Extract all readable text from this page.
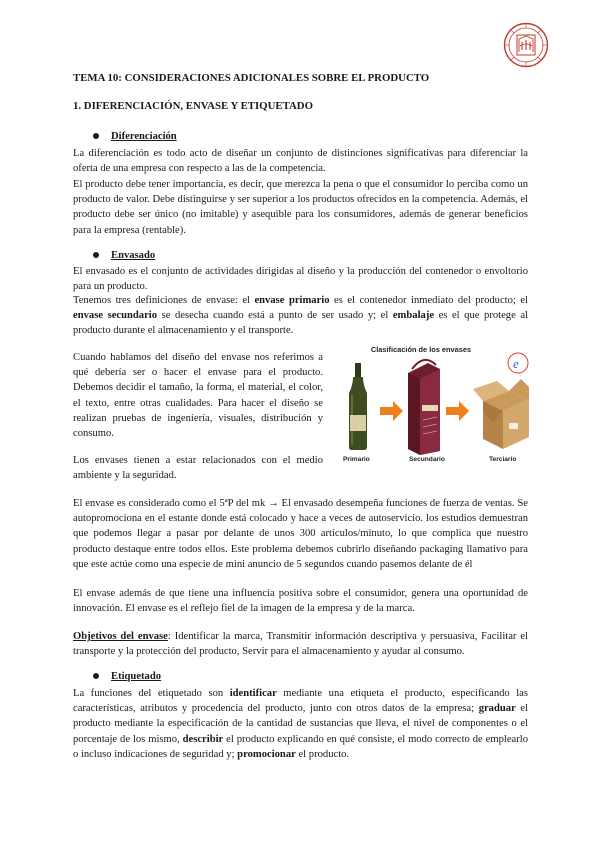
TEMA 10: CONSIDERACIONES ADICIONALES SOBRE EL PRODUCTO

1. DIFERENCIACIÓN, ENVASE Y ETIQUETADO

Diferenciación

La diferenciación es todo acto de diseñar un conjunto de distinciones significativas para diferenciar la oferta de una empresa con respecto a las de la competencia.

El producto debe tener importancia, es decir, que merezca la pena o que el consumidor lo perciba como un producto de valor. Debe distinguirse y ser superior a los productos ofrecidos en la competencia. Además, el producto debe ser único (no imitable) y asequible para los consumidores, además de generar beneficios para la empresa (rentable).

Envasado

El envasado es el conjunto de actividades dirigidas al diseño y la producción del contenedor o envoltorio para un producto.

Tenemos tres definiciones de envase: el envase primario es el contenedor inmediato del producto; el envase secundario se desecha cuando está a punto de ser usado y; el embalaje es el que protege al producto durante el almacenamiento y el transporte.

Cuando hablamos del diseño del envase nos referimos a qué debería ser o hacer el envase para el producto. Debemos decidir el tamaño, la forma, el material, el color, el texto, entre otras cualidades. Para hacer el diseño se realizan pruebas de ingeniería, visuales, distribución y consumo.

Los envases tienen a estar relacionados con el medio ambiente y la seguridad.

Clasificación de los envases
e
Primario	Secundario	Terciario

El envase es considerado como el 5ªP del mk → El envasado desempeña funciones de fuerza de ventas. Se autopromociona en el estante donde está colocado y hace a veces de autoservicio. los estudios demuestran que podemos llegar a pasar por delante de unos 300 artículos/minuto, lo que complica que nuestro producto destaque entre todos ellos. Este problema debemos cubrirlo diseñando packaging llamativo para que este actúe como una especie de mini anuncio de 5 segundos cuando pasemos delante de él

El envase además de que tiene una influencia positiva sobre el consumidor, genera una oportunidad de innovación. El envase es el reflejo fiel de la imagen de la empresa y de la marca.

Objetivos del envase: Identificar la marca, Transmitir información descriptiva y persuasiva, Facilitar el transporte y la protección del producto, Servir para el almacenamiento y ayudar al consumo.

Etiquetado

La funciones del etiquetado son identificar mediante una etiqueta el producto, especificando las características, atributos y procedencia del producto, junto con otros datos de la empresa; graduar el producto mediante la especificación de la cantidad de sustancias que lleva, el nivel de componentes o el porcentaje de los mismo, describir el producto explicando en qué consiste, el modo correcto de emplearlo o incluso indicaciones de seguridad y; promocionar el producto.
